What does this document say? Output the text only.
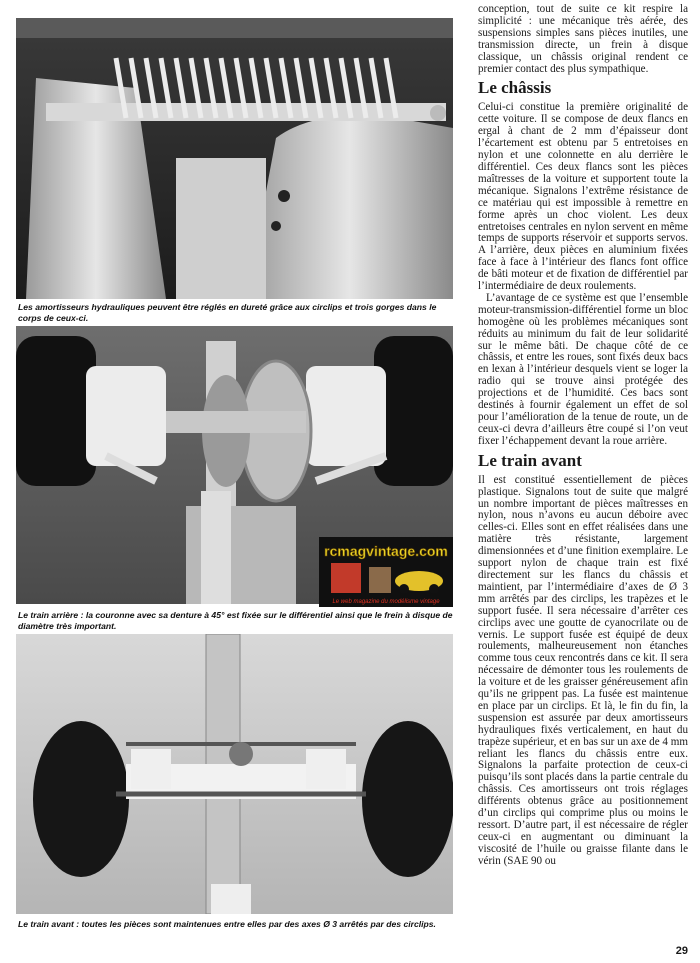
Les amortisseurs hydrauliques peuvent être réglés en dureté grâce aux circlips et trois gorges dans le corps de ceux-ci.
Le train arrière : la couronne avec sa denture à 45° est fixée sur le différentiel ainsi que le frein à disque de diamètre très important.
rcmagvintage.com
Le web magazine du modélisme vintage
Le train avant : toutes les pièces sont maintenues entre elles par des axes Ø 3 arrêtés par des circlips.

conception, tout de suite ce kit respire la simplicité : une mécanique très aérée, des suspensions simples sans pièces inutiles, une transmission directe, un frein à disque classique, un châssis original rendent ce premier contact des plus sympathique.

Le châssis

Celui-ci constitue la première originalité de cette voiture. Il se compose de deux flancs en ergal à chant de 2 mm d’épaisseur dont l’écartement est obtenu par 5 entretoises en nylon et une colonnette en alu derrière le différentiel. Ces deux flancs sont les pièces maîtresses de la voiture et supportent toute la mécanique. Signalons l’extrême résistance de ce matériau qui est impossible à remettre en forme après un choc violent. Les deux entretoises centrales en nylon servent en même temps de supports réservoir et supports servos. A l’arrière, deux pièces en aluminium fixées face à face à l’intérieur des flancs font office de bâti moteur et de fixation de différentiel par l’intermédiaire de deux roulements.

L’avantage de ce système est que l’ensemble moteur-transmission-différentiel forme un bloc homogène où les problèmes mécaniques sont réduits au minimum du fait de leur solidarité sur le même bâti. De chaque côté de ce châssis, et entre les roues, sont fixés deux bacs en lexan à l’intérieur desquels vient se loger la radio qui se trouve ainsi protégée des projections et de l’humidité. Ces bacs sont destinés à fournir également un effet de sol pour l’amélioration de la tenue de route, un de ceux-ci devra d’ailleurs être coupé si l’on veut fixer l’échappement devant la roue arrière.

Le train avant

Il est constitué essentiellement de pièces plastique. Signalons tout de suite que malgré un nombre important de pièces maîtresses en nylon, nous n’avons eu aucun déboire avec celles-ci. Elles sont en effet réalisées dans une matière très résistante, largement dimensionnées et d’une finition exemplaire. Le support nylon de chaque train est fixé directement sur les flancs du châssis et maintient, par l’intermédiaire d’axes de Ø 3 mm arrêtés par des circlips, les trapèzes et le support fusée. Il sera nécessaire d’arrêter ces circlips avec une goutte de cyanocrilate ou de vernis. Le support fusée est équipé de deux roulements, malheureusement non étanches comme tous ceux rencontrés dans ce kit. Il sera nécessaire de démonter tous les roulements de la voiture et de les graisser généreusement afin qu’ils ne grippent pas. La fusée est maintenue en place par un circlips. Et là, le fin du fin, la suspension est assurée par deux amortisseurs hydrauliques fixés verticalement, en haut du trapèze supérieur, et en bas sur un axe de 4 mm reliant les flancs du châssis entre eux. Signalons la parfaite protection de ceux-ci puisqu’ils sont placés dans la partie centrale du châssis. Ces amortisseurs ont trois réglages différents obtenus grâce au positionnement d’un circlips qui comprime plus ou moins le ressort. D’autre part, il est nécessaire de régler ceux-ci en augmentant ou diminuant la viscosité de l’huile ou graisse filante dans le vérin (SAE 90 ou

29
